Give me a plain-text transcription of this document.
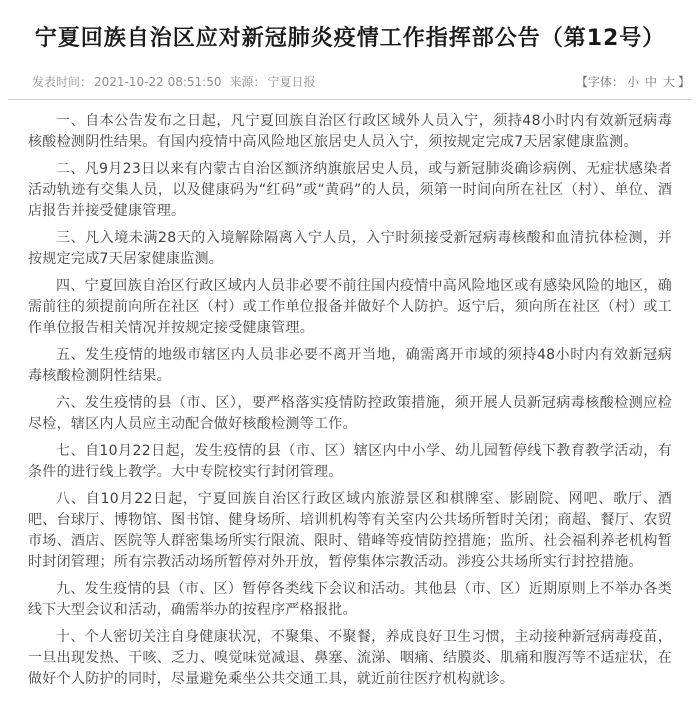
宁夏回族自治区应对新冠肺炎疫情工作指挥部公告（第12号）
发表时间： 2021-10-22 08:51:50 来源： 宁夏日报	【字体： 小 中 大 】

一、自本公告发布之日起，凡宁夏回族自治区行政区域外人员入宁，须持48小时内有效新冠病毒核酸检测阴性结果。有国内疫情中高风险地区旅居史人员入宁，须按规定完成7天居家健康监测。

二、凡9月23日以来有内蒙古自治区额济纳旗旅居史人员，或与新冠肺炎确诊病例、无症状感染者活动轨迹有交集人员，以及健康码为“红码”或“黄码”的人员，须第一时间向所在社区（村）、单位、酒店报告并接受健康管理。

三、凡入境未满28天的入境解除隔离入宁人员，入宁时须接受新冠病毒核酸和血清抗体检测，并按规定完成7天居家健康监测。

四、宁夏回族自治区行政区域内人员非必要不前往国内疫情中高风险地区或有感染风险的地区，确需前往的须提前向所在社区（村）或工作单位报备并做好个人防护。返宁后，须向所在社区（村）或工作单位报告相关情况并按规定接受健康管理。

五、发生疫情的地级市辖区内人员非必要不离开当地，确需离开市域的须持48小时内有效新冠病毒核酸检测阴性结果。

六、发生疫情的县（市、区），要严格落实疫情防控政策措施，须开展人员新冠病毒核酸检测应检尽检，辖区内人员应主动配合做好核酸检测等工作。

七、自10月22日起，发生疫情的县（市、区）辖区内中小学、幼儿园暂停线下教育教学活动，有条件的进行线上教学。大中专院校实行封闭管理。

八、自10月22日起，宁夏回族自治区行政区域内旅游景区和棋牌室、影剧院、网吧、歌厅、酒吧、台球厅、博物馆、图书馆、健身场所、培训机构等有关室内公共场所暂时关闭；商超、餐厅、农贸市场、酒店、医院等人群密集场所实行限流、限时、错峰等疫情防控措施；监所、社会福利养老机构暂时封闭管理；所有宗教活动场所暂停对外开放，暂停集体宗教活动。涉疫公共场所实行封控措施。

九、发生疫情的县（市、区）暂停各类线下会议和活动。其他县（市、区）近期原则上不举办各类线下大型会议和活动，确需举办的按程序严格报批。

十、个人密切关注自身健康状况，不聚集、不聚餐，养成良好卫生习惯，主动接种新冠病毒疫苗，一旦出现发热、干咳、乏力、嗅觉味觉减退、鼻塞、流涕、咽痛、结膜炎、肌痛和腹泻等不适症状，在做好个人防护的同时，尽量避免乘坐公共交通工具，就近前往医疗机构就诊。
